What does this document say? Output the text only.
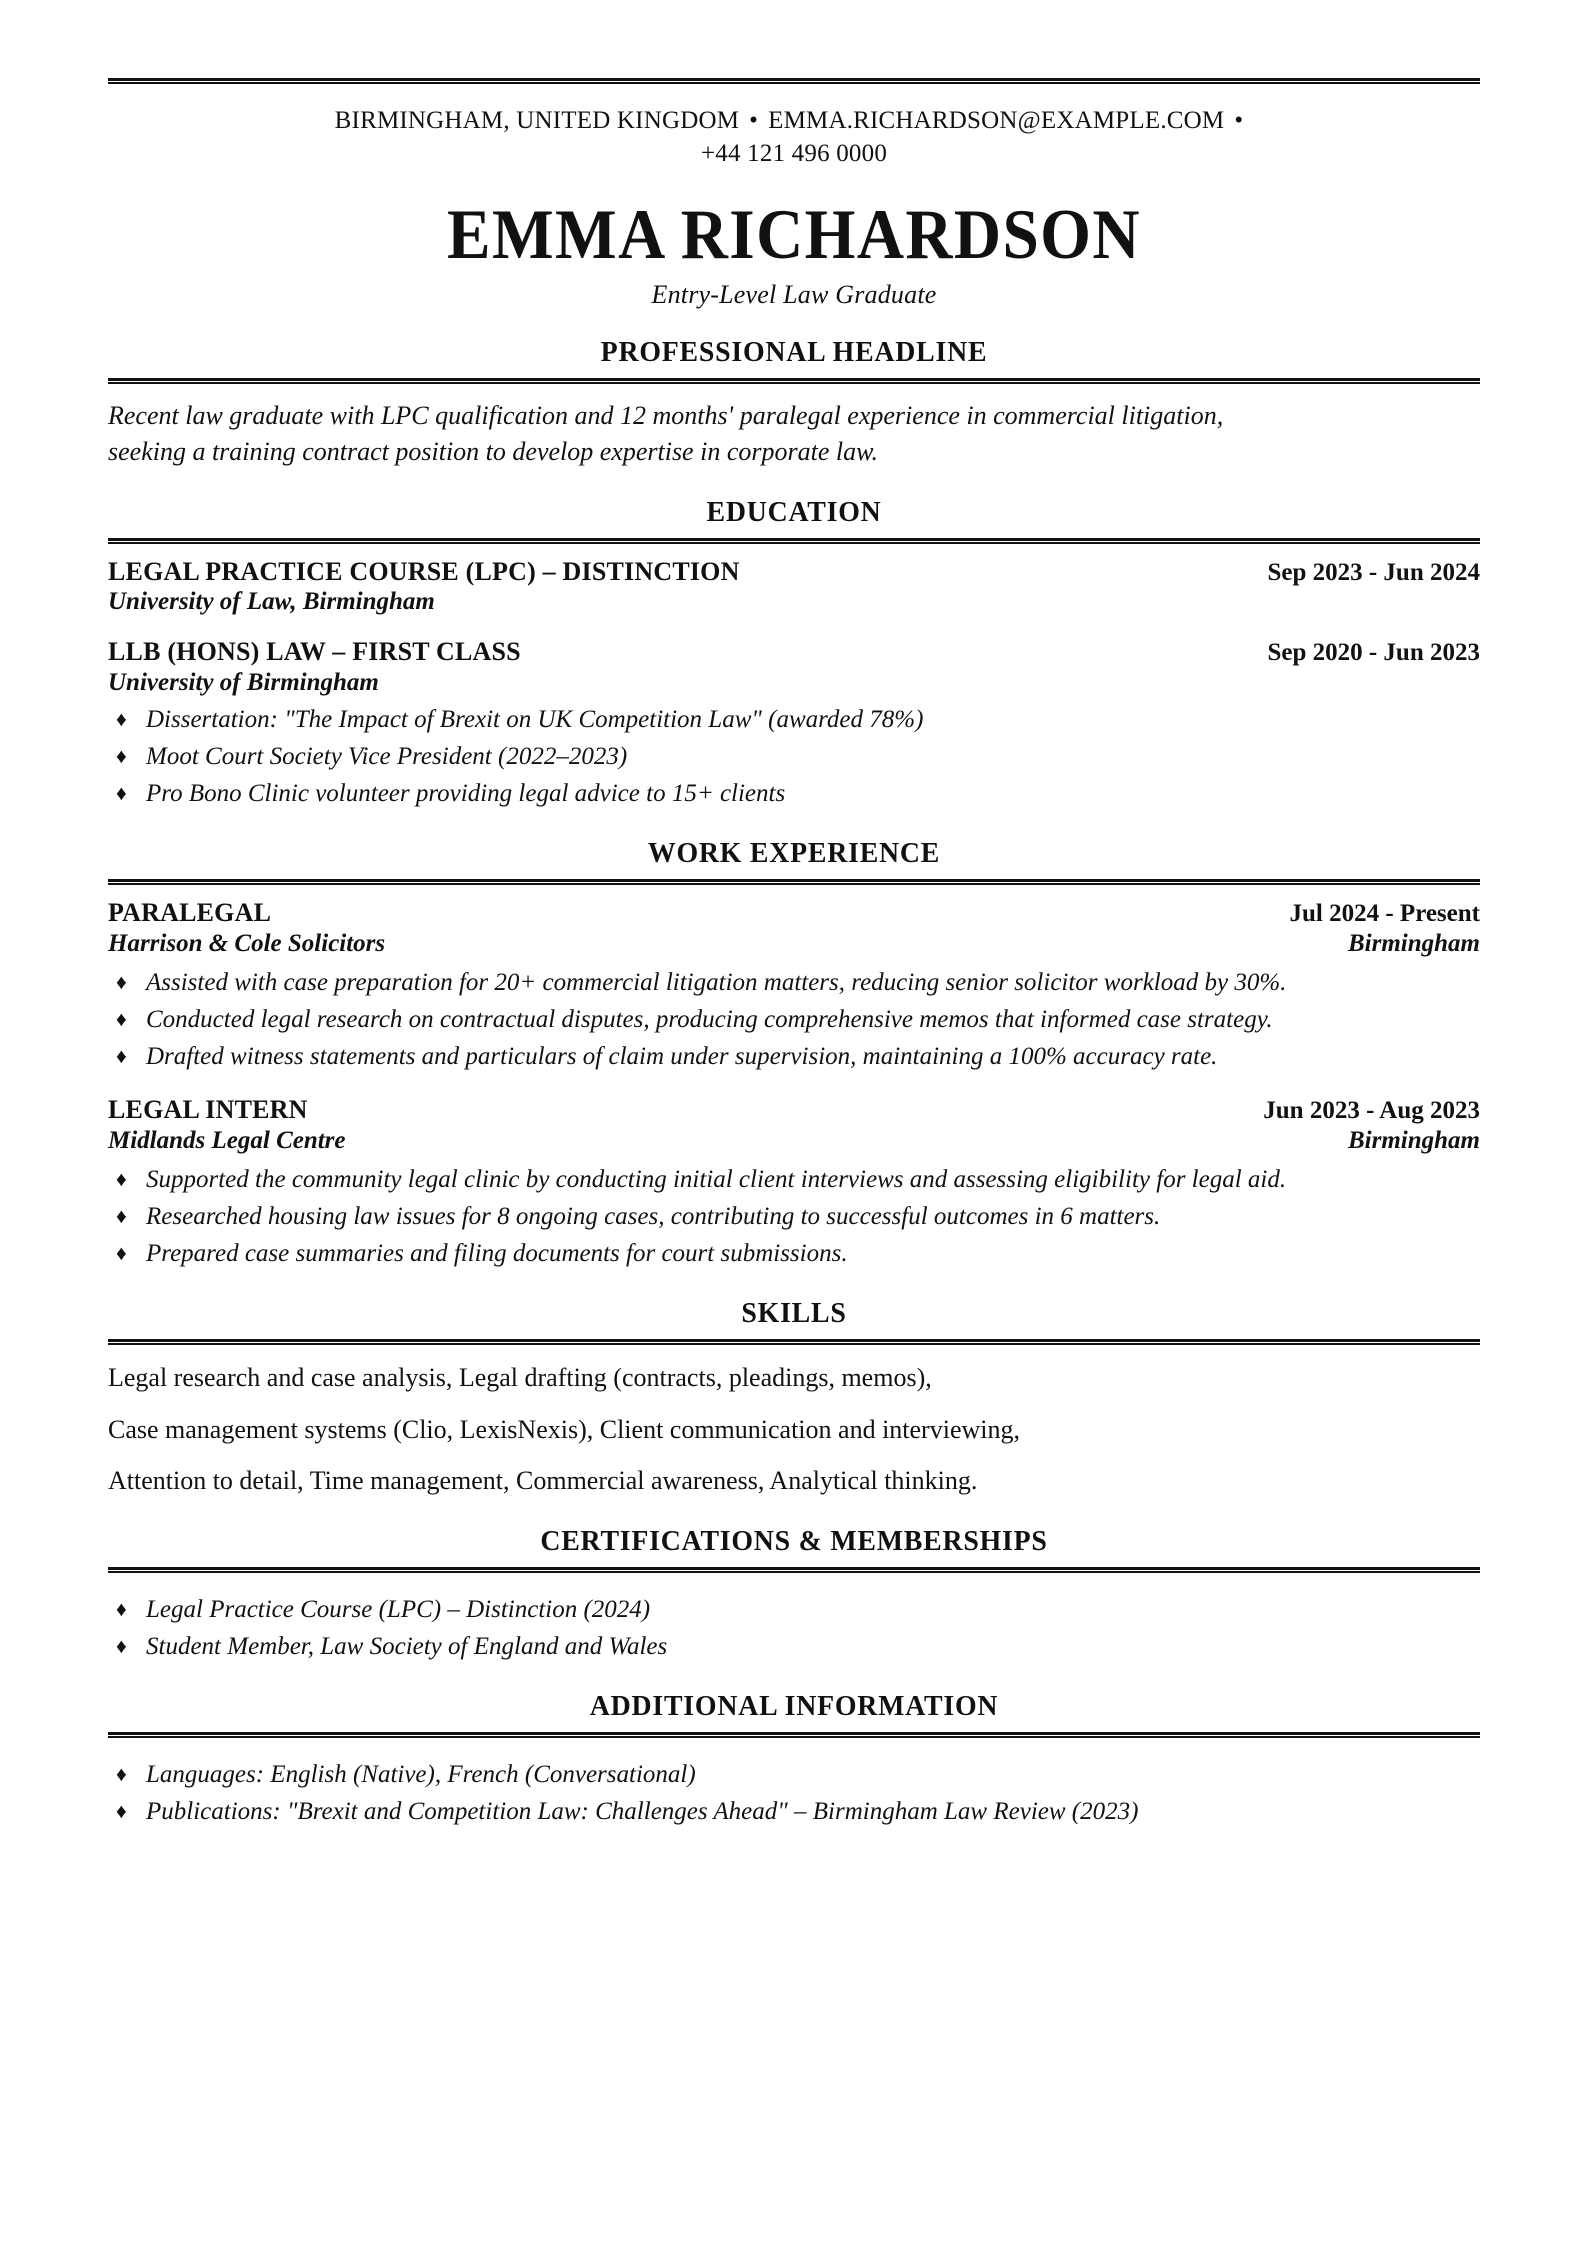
BIRMINGHAM, UNITED KINGDOM • EMMA.RICHARDSON@EXAMPLE.COM •
+44 121 496 0000
EMMA RICHARDSON
Entry-Level Law Graduate
PROFESSIONAL HEADLINE
Recent law graduate with LPC qualification and 12 months' paralegal experience in commercial litigation,
seeking a training contract position to develop expertise in corporate law.
EDUCATION
LEGAL PRACTICE COURSE (LPC) – DISTINCTION	Sep 2023 - Jun 2024
University of Law, Birmingham
LLB (HONS) LAW – FIRST CLASS	Sep 2020 - Jun 2023
University of Birmingham
♦ Dissertation: "The Impact of Brexit on UK Competition Law" (awarded 78%)
♦ Moot Court Society Vice President (2022–2023)
♦ Pro Bono Clinic volunteer providing legal advice to 15+ clients
WORK EXPERIENCE
PARALEGAL	Jul 2024 - Present
Harrison & Cole Solicitors	Birmingham
♦ Assisted with case preparation for 20+ commercial litigation matters, reducing senior solicitor workload by 30%.
♦ Conducted legal research on contractual disputes, producing comprehensive memos that informed case strategy.
♦ Drafted witness statements and particulars of claim under supervision, maintaining a 100% accuracy rate.
LEGAL INTERN	Jun 2023 - Aug 2023
Midlands Legal Centre	Birmingham
♦ Supported the community legal clinic by conducting initial client interviews and assessing eligibility for legal aid.
♦ Researched housing law issues for 8 ongoing cases, contributing to successful outcomes in 6 matters.
♦ Prepared case summaries and filing documents for court submissions.
SKILLS
Legal research and case analysis, Legal drafting (contracts, pleadings, memos),
Case management systems (Clio, LexisNexis), Client communication and interviewing,
Attention to detail, Time management, Commercial awareness, Analytical thinking.
CERTIFICATIONS & MEMBERSHIPS
♦ Legal Practice Course (LPC) – Distinction (2024)
♦ Student Member, Law Society of England and Wales
ADDITIONAL INFORMATION
♦ Languages: English (Native), French (Conversational)
♦ Publications: "Brexit and Competition Law: Challenges Ahead" – Birmingham Law Review (2023)
